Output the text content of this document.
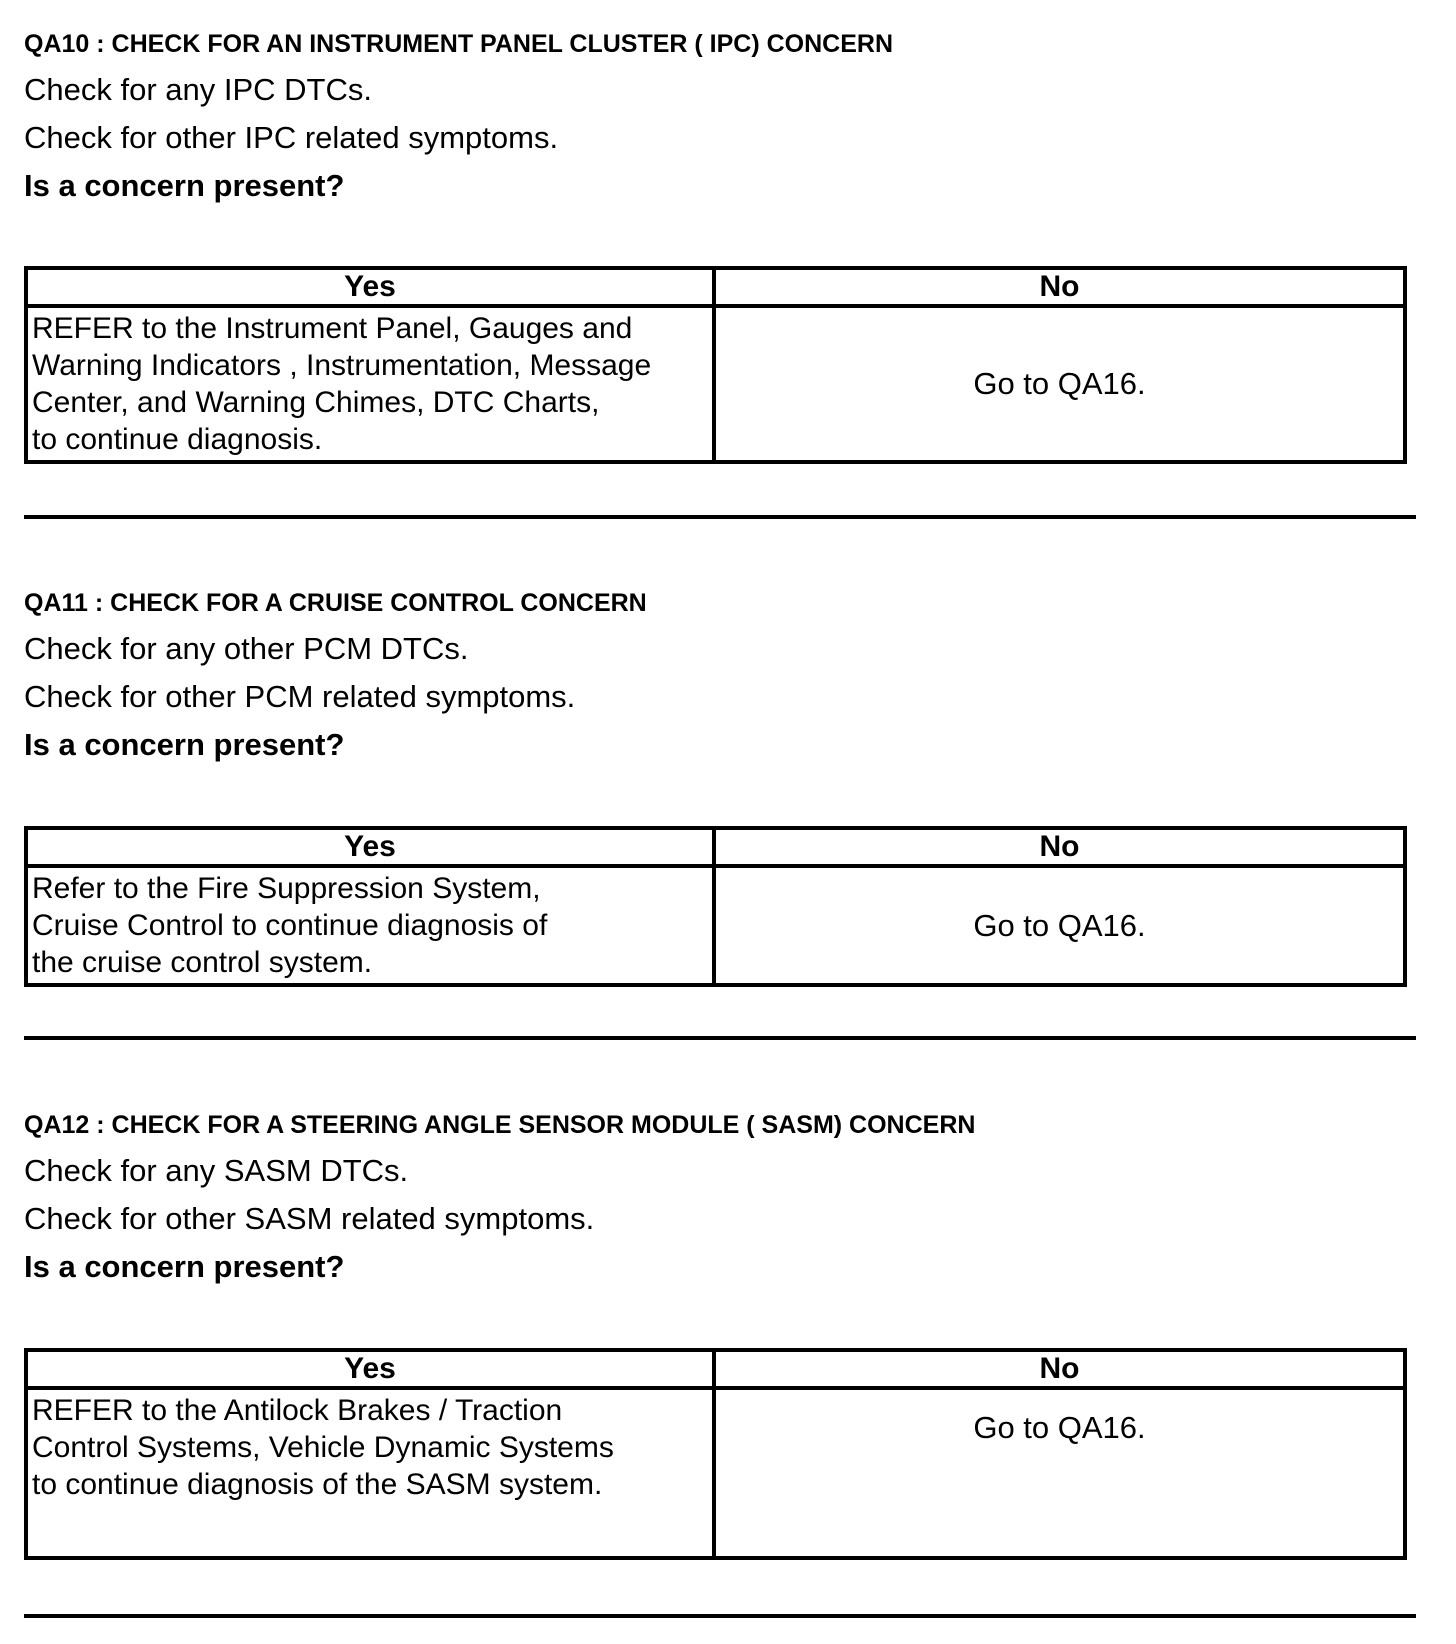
QA10 : CHECK FOR AN INSTRUMENT PANEL CLUSTER ( IPC) CONCERN
Check for any IPC DTCs.
Check for other IPC related symptoms.
Is a concern present?
Yes	No

REFER to the Instrument Panel, Gauges and
Warning Indicators , Instrumentation, Message
Center, and Warning Chimes, DTC Charts,
to continue diagnosis.	Go to QA16.
QA11 : CHECK FOR A CRUISE CONTROL CONCERN
Check for any other PCM DTCs.
Check for other PCM related symptoms.
Is a concern present?
Yes	No

Refer to the Fire Suppression System,
Cruise Control to continue diagnosis of
the cruise control system.	Go to QA16.
QA12 : CHECK FOR A STEERING ANGLE SENSOR MODULE ( SASM) CONCERN
Check for any SASM DTCs.
Check for other SASM related symptoms.
Is a concern present?
Yes	No

REFER to the Antilock Brakes / Traction
Control Systems, Vehicle Dynamic Systems
to continue diagnosis of the SASM system.	Go to QA16.
